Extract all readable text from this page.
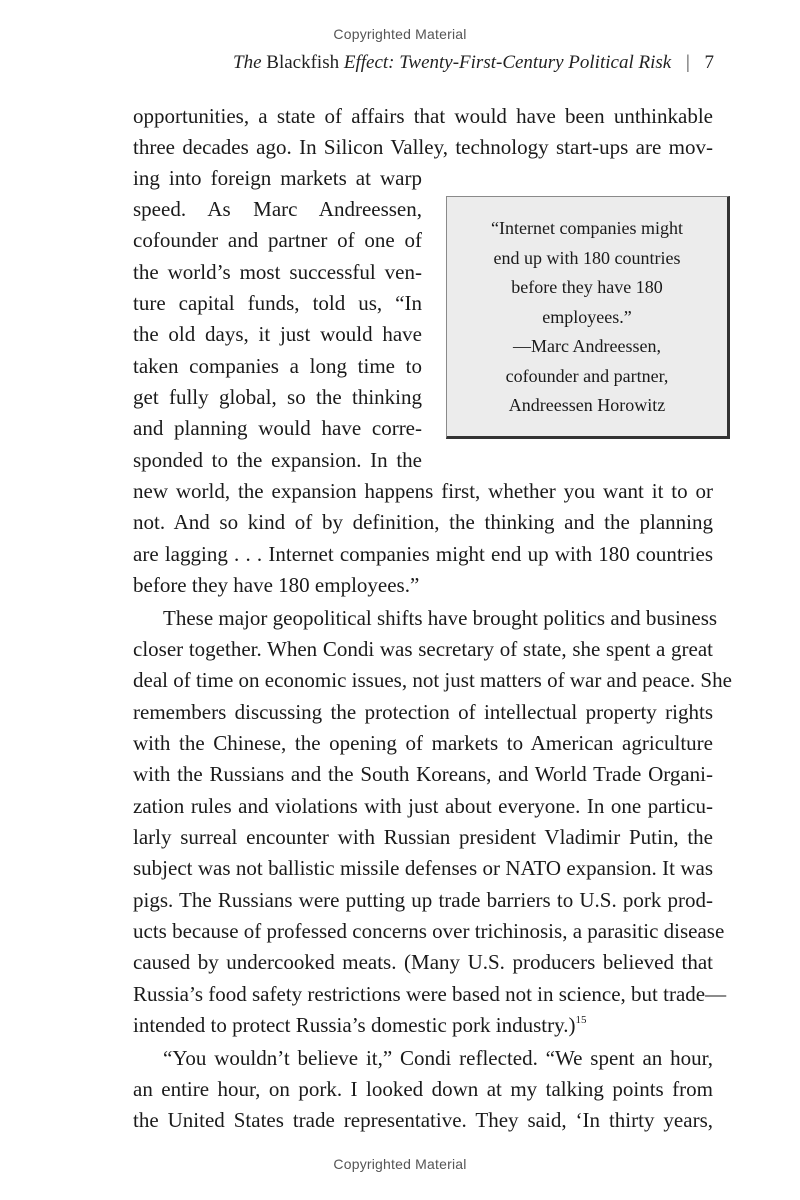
Copyrighted Material
The Blackfish Effect: Twenty-First-Century Political Risk | 7
“Internet companies might
end up with 180 countries
before they have 180
employees.”
—Marc Andreessen,
cofounder and partner,
Andreessen Horowitz
opportunities, a state of affairs that would have been unthinkable
three decades ago. In Silicon Valley, technology start-ups are mov-
ing into foreign markets at warp
speed. As Marc Andreessen,
cofounder and partner of one of
the world’s most successful ven-
ture capital funds, told us, “In
the old days, it just would have
taken companies a long time to
get fully global, so the thinking
and planning would have corre-
sponded to the expansion. In the
new world, the expansion happens first, whether you want it to or
not. And so kind of by definition, the thinking and the planning
are lagging . . . Internet companies might end up with 180 countries
before they have 180 employees.”
These major geopolitical shifts have brought politics and business
closer together. When Condi was secretary of state, she spent a great
deal of time on economic issues, not just matters of war and peace. She
remembers discussing the protection of intellectual property rights
with the Chinese, the opening of markets to American agriculture
with the Russians and the South Koreans, and World Trade Organi-
zation rules and violations with just about everyone. In one particu-
larly surreal encounter with Russian president Vladimir Putin, the
subject was not ballistic missile defenses or NATO expansion. It was
pigs. The Russians were putting up trade barriers to U.S. pork prod-
ucts because of professed concerns over trichinosis, a parasitic disease
caused by undercooked meats. (Many U.S. producers believed that
Russia’s food safety restrictions were based not in science, but trade—
intended to protect Russia’s domestic pork industry.)$^{15}$
“You wouldn’t believe it,” Condi reflected. “We spent an hour,
an entire hour, on pork. I looked down at my talking points from
the United States trade representative. They said, ‘In thirty years,
Copyrighted Material
